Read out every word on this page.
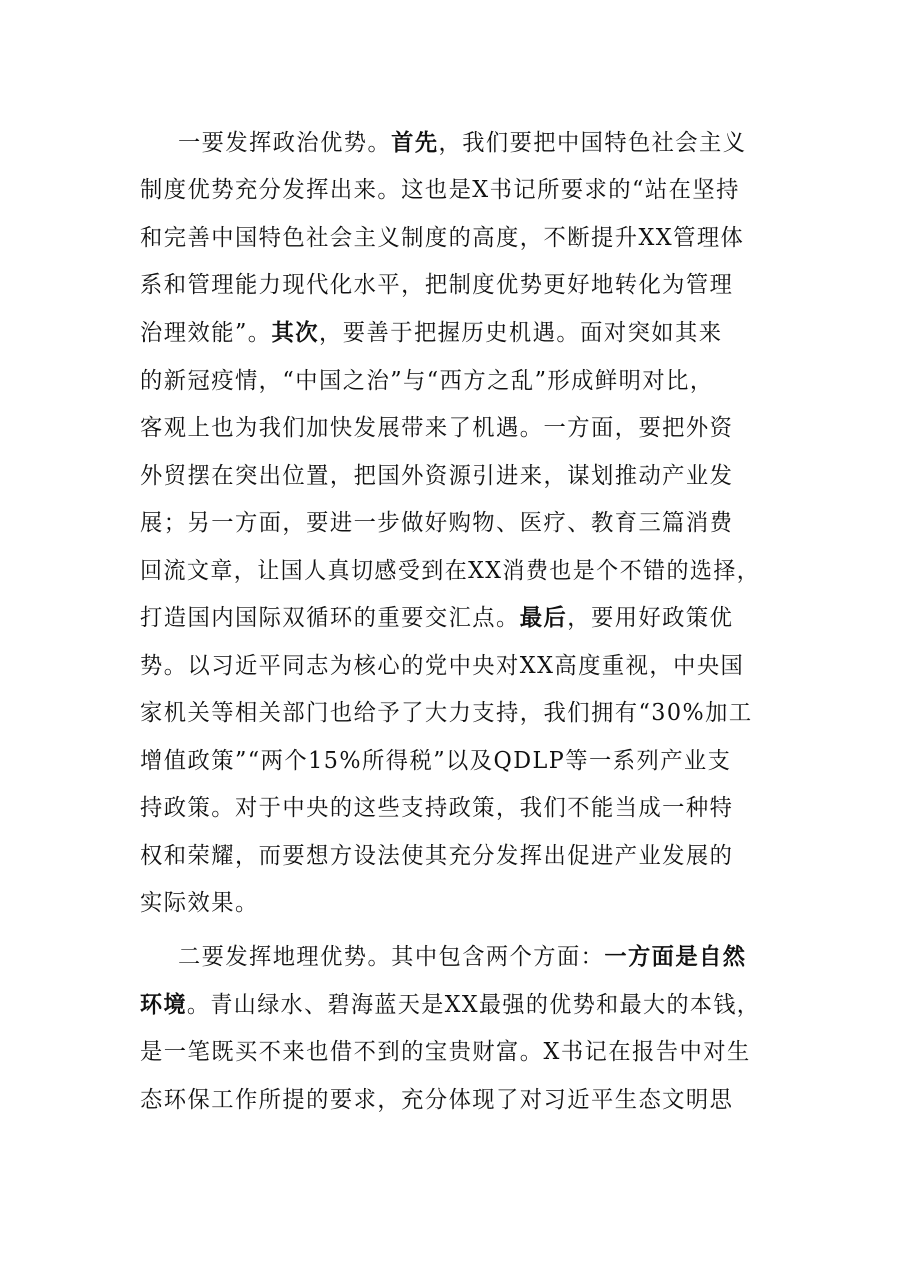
一要发挥政治优势。首先，我们要把中国特色社会主义
制度优势充分发挥出来。这也是X书记所要求的“站在坚持
和完善中国特色社会主义制度的高度，不断提升XX管理体
系和管理能力现代化水平，把制度优势更好地转化为管理
治理效能”。其次，要善于把握历史机遇。面对突如其来
的新冠疫情，“中国之治”与“西方之乱”形成鲜明对比，
客观上也为我们加快发展带来了机遇。一方面，要把外资
外贸摆在突出位置，把国外资源引进来，谋划推动产业发
展；另一方面，要进一步做好购物、医疗、教育三篇消费
回流文章，让国人真切感受到在XX消费也是个不错的选择，
打造国内国际双循环的重要交汇点。最后，要用好政策优
势。以习近平同志为核心的党中央对XX高度重视，中央国
家机关等相关部门也给予了大力支持，我们拥有“30%加工
增值政策”“两个15%所得税”以及QDLP等一系列产业支
持政策。对于中央的这些支持政策，我们不能当成一种特
权和荣耀，而要想方设法使其充分发挥出促进产业发展的
实际效果。
二要发挥地理优势。其中包含两个方面：一方面是自然
环境。青山绿水、碧海蓝天是XX最强的优势和最大的本钱，
是一笔既买不来也借不到的宝贵财富。X书记在报告中对生
态环保工作所提的要求，充分体现了对习近平生态文明思
